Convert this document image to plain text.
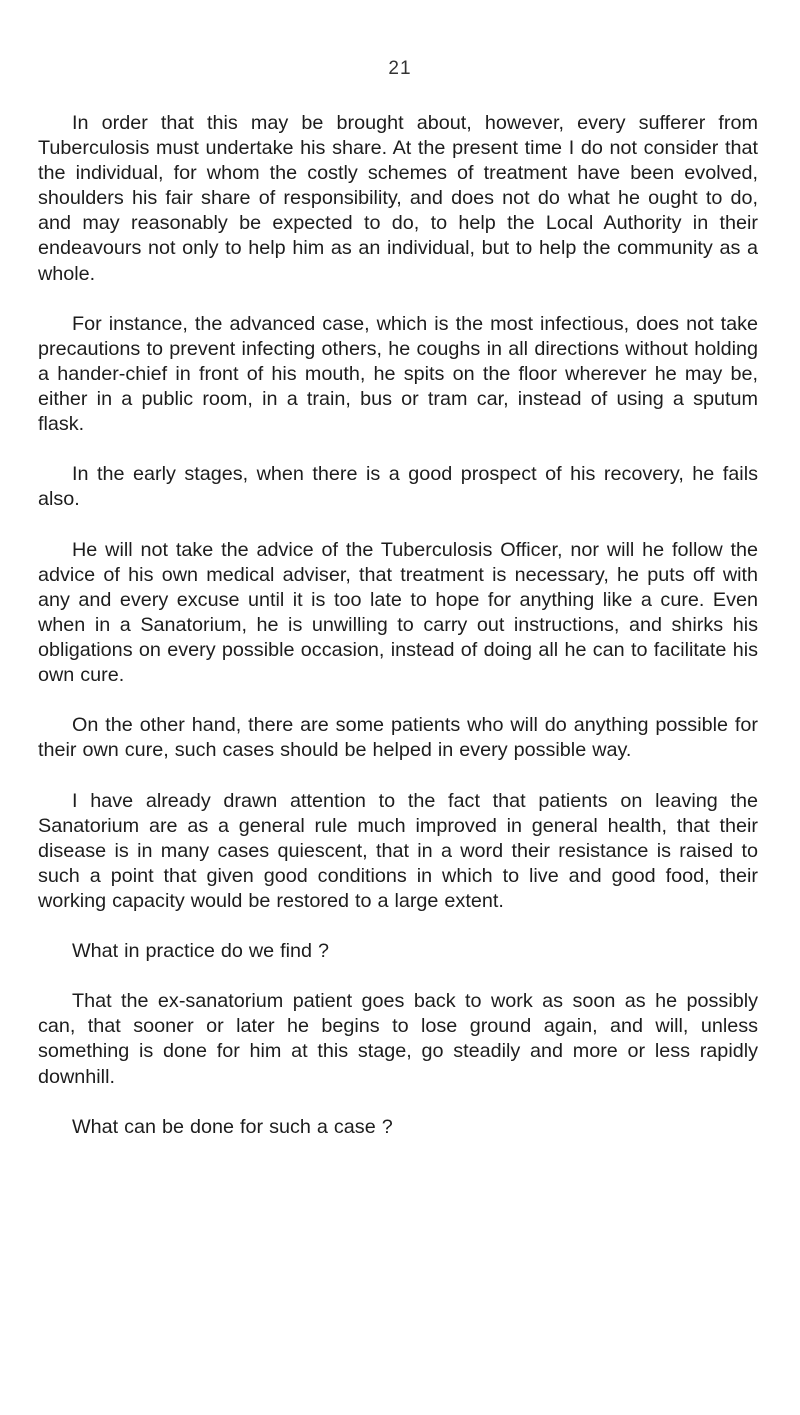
21

In order that this may be brought about, however, every sufferer from Tuberculosis must undertake his share. At the present time I do not consider that the individual, for whom the costly schemes of treatment have been evolved, shoulders his fair share of responsibility, and does not do what he ought to do, and may reasonably be expected to do, to help the Local Authority in their endeavours not only to help him as an individual, but to help the community as a whole.

For instance, the advanced case, which is the most infectious, does not take precautions to prevent infecting others, he coughs in all directions without holding a hander-chief in front of his mouth, he spits on the floor wherever he may be, either in a public room, in a train, bus or tram car, instead of using a sputum flask.

In the early stages, when there is a good prospect of his recovery, he fails also.

He will not take the advice of the Tuberculosis Officer, nor will he follow the advice of his own medical adviser, that treatment is necessary, he puts off with any and every excuse until it is too late to hope for anything like a cure. Even when in a Sanatorium, he is unwilling to carry out instructions, and shirks his obligations on every possible occasion, instead of doing all he can to facilitate his own cure.

On the other hand, there are some patients who will do anything possible for their own cure, such cases should be helped in every possible way.

I have already drawn attention to the fact that patients on leaving the Sanatorium are as a general rule much improved in general health, that their disease is in many cases quiescent, that in a word their resistance is raised to such a point that given good conditions in which to live and good food, their working capacity would be restored to a large extent.

What in practice do we find ?

That the ex-sanatorium patient goes back to work as soon as he possibly can, that sooner or later he begins to lose ground again, and will, unless something is done for him at this stage, go steadily and more or less rapidly downhill.

What can be done for such a case ?
